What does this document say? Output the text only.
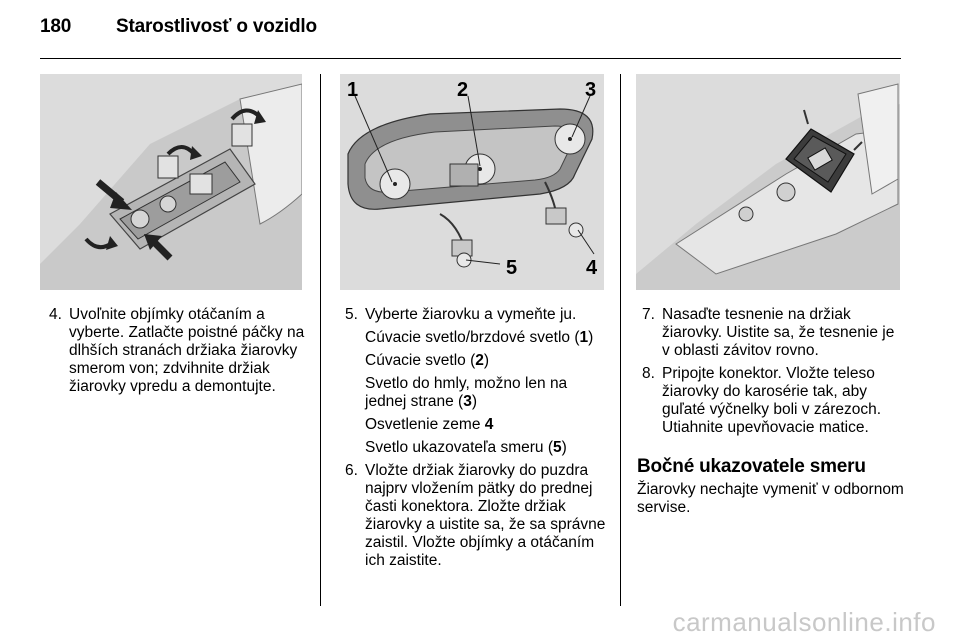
180 Starostlivosť o vozidlo
1	2	3
4
5
4. Uvoľnite objímky otáčaním a vyberte. Zatlačte poistné páčky na dlhších stranách držiaka žiarovky smerom von; zdvihnite držiak žiarovky vpredu a demontujte.
5. Vyberte žiarovku a vymeňte ju.
Cúvacie svetlo/brzdové svetlo (1)
Cúvacie svetlo (2)
Svetlo do hmly, možno len na jednej strane (3)
Osvetlenie zeme 4
Svetlo ukazovateľa smeru (5)
6. Vložte držiak žiarovky do puzdra najprv vložením pätky do prednej časti konektora. Zložte držiak žiarovky a uistite sa, že sa správne zaistil. Vložte objímky a otáčaním ich zaistite.
7. Nasaďte tesnenie na držiak žiarovky. Uistite sa, že tesnenie je v oblasti závitov rovno.
8. Pripojte konektor. Vložte teleso žiarovky do karosérie tak, aby guľaté výčnelky boli v zárezoch. Utiahnite upevňovacie matice.
Bočné ukazovatele smeru
Žiarovky nechajte vymeniť v odbornom servise.
carmanualsonline.info
